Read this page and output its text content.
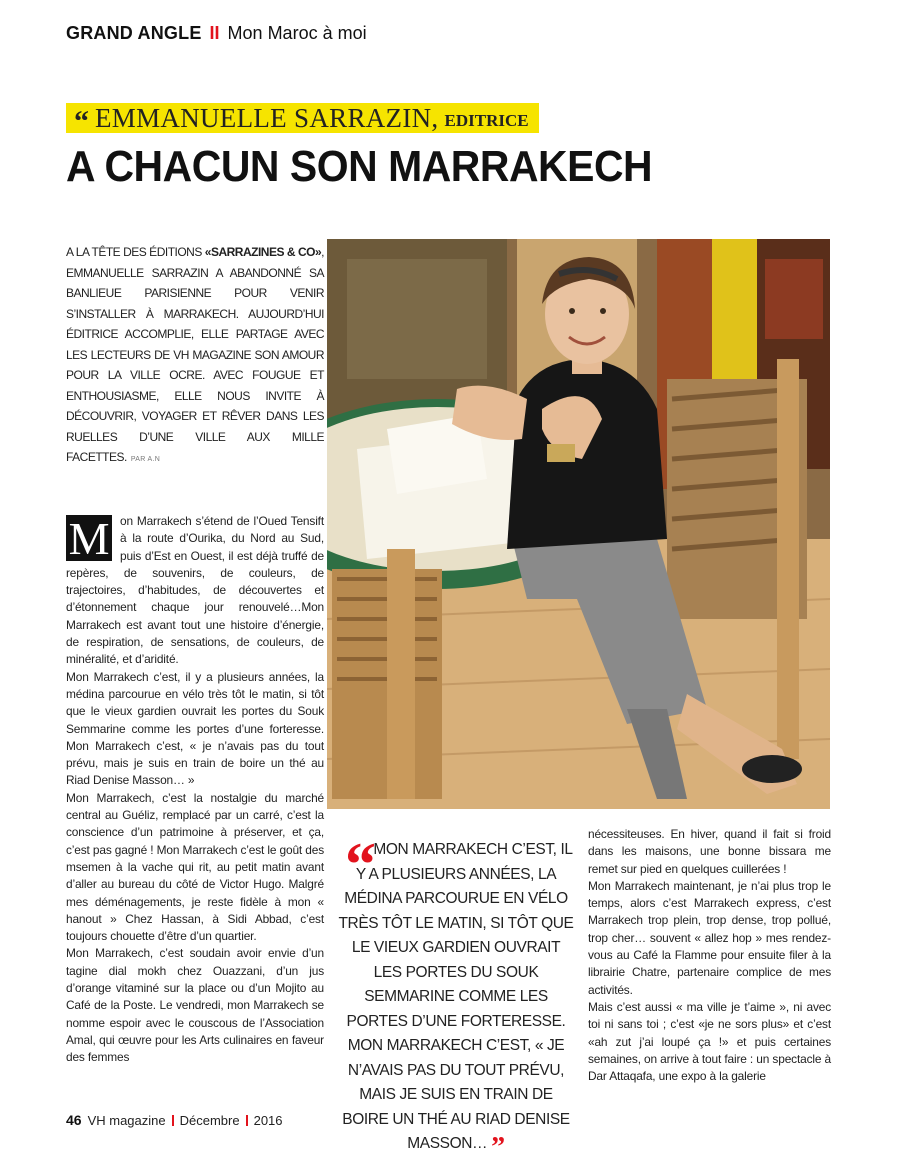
GRAND ANGLE II Mon Maroc à moi
“ EMMANUELLE SARRAZIN, EDITRICE
A CHACUN SON MARRAKECH
A LA TÊTE DES ÉDITIONS «SARRAZINES & CO», EMMANUELLE SARRAZIN A ABANDONNÉ SA BANLIEUE PARISIENNE POUR VENIR S’INSTALLER À MARRAKECH. AUJOURD’HUI ÉDITRICE ACCOMPLIE, ELLE PARTAGE AVEC LES LECTEURS DE VH MAGAZINE SON AMOUR POUR LA VILLE OCRE. AVEC FOUGUE ET ENTHOUSIASME, ELLE NOUS INVITE À DÉCOUVRIR, VOYAGER ET RÊVER DANS LES RUELLES D’UNE VILLE AUX MILLE FACETTES. PAR A.N

M on Marrakech s’étend de l’Oued Tensift à la route d’Ourika, du Nord au Sud, puis d’Est en Ouest, il est déjà truffé de repères, de souvenirs, de couleurs, de trajectoires, d’habitudes, de découvertes et d’étonnement chaque jour renouvelé…Mon Marrakech est avant tout une histoire d’énergie, de respiration, de sensations, de couleurs, de minéralité, et d’aridité.

Mon Marrakech c’est, il y a plusieurs années, la médina parcourue en vélo très tôt le matin, si tôt que le vieux gardien ouvrait les portes du Souk Semmarine comme les portes d’une forteresse. Mon Marrakech c’est, « je n’avais pas du tout prévu, mais je suis en train de boire un thé au Riad Denise Masson… »

Mon Marrakech, c’est la nostalgie du marché central au Guéliz, remplacé par un carré, c’est la conscience d’un patrimoine à préserver, et ça, c’est pas gagné ! Mon Marrakech c’est le goût des msemen à la vache qui rit, au petit matin avant d’aller au bureau du côté de Victor Hugo. Malgré mes déménagements, je reste fidèle à mon « hanout » Chez Hassan, à Sidi Abbad, c’est toujours chouette d’être d’un quartier.

Mon Marrakech, c’est soudain avoir envie d’un tagine dial mokh chez Ouazzani, d’un jus d’orange vitaminé sur la place ou d’un Mojito au Café de la Poste. Le vendredi, mon Marrakech se nomme espoir avec le couscous de l’Association Amal, qui œuvre pour les Arts culinaires en faveur des femmes

“
MON MARRAKECH C’EST, IL Y A PLUSIEURS ANNÉES, LA MÉDINA PARCOURUE EN VÉLO TRÈS TÔT LE MATIN, SI TÔT QUE LE VIEUX GARDIEN OUVRAIT LES PORTES DU SOUK SEMMARINE COMME LES PORTES D’UNE FORTERESSE. MON MARRAKECH C’EST, « JE N’AVAIS PAS DU TOUT PRÉVU, MAIS JE SUIS EN TRAIN DE BOIRE UN THÉ AU RIAD DENISE MASSON… ”

nécessiteuses. En hiver, quand il fait si froid dans les maisons, une bonne bissara me remet sur pied en quelques cuillerées !

Mon Marrakech maintenant, je n’ai plus trop le temps, alors c’est Marrakech express, c’est Marrakech trop plein, trop dense, trop pollué, trop cher… souvent « allez hop » mes rendez-vous au Café la Flamme pour ensuite filer à la librairie Chatre, partenaire complice de mes activités.

Mais c’est aussi « ma ville je t’aime », ni avec toi ni sans toi ; c’est «je ne sors plus» et c’est «ah zut j’ai loupé ça !» et puis certaines semaines, on arrive à tout faire : un spectacle à Dar Attaqafa, une expo à la galerie

46 VH magazine Décembre 2016
